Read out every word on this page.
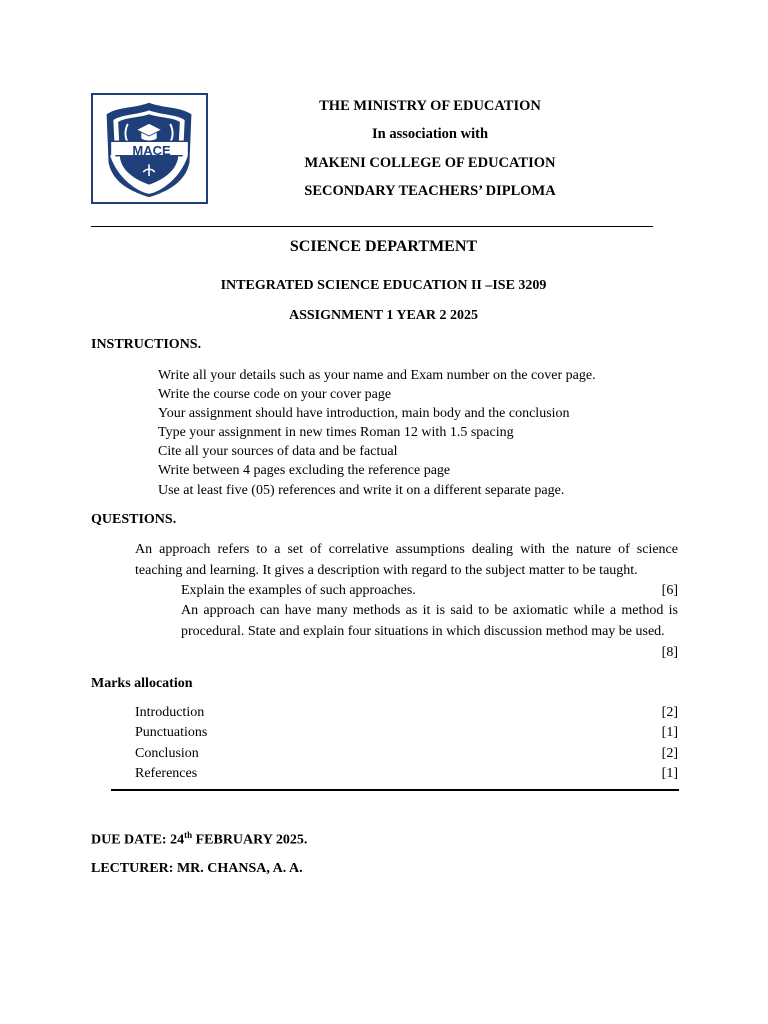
MACE
THE MINISTRY OF EDUCATION
In association with
MAKENI COLLEGE OF EDUCATION
SECONDARY TEACHERS’ DIPLOMA
SCIENCE DEPARTMENT
INTEGRATED SCIENCE EDUCATION II –ISE 3209
ASSIGNMENT 1 YEAR 2 2025
INSTRUCTIONS.
Write all your details such as your name and Exam number on the cover page.
Write the course code on your cover page
Your assignment should have introduction, main body and the conclusion
Type your assignment in new times Roman 12 with 1.5 spacing
Cite all your sources of data and be factual
Write between 4 pages excluding the reference page
Use at least five (05) references and write it on a different separate page.
QUESTIONS.
An approach refers to a set of correlative assumptions dealing with the nature of science teaching and learning. It gives a description with regard to the subject matter to be taught.
[6]
Explain the examples of such approaches.
An approach can have many methods as it is said to be axiomatic while a method is procedural. State and explain four situations in which discussion method may be used.
[8]
Marks allocation
Introduction	[2]
Punctuations	[1]
Conclusion	[2]
References	[1]
DUE DATE: 24th FEBRUARY 2025.
LECTURER: MR. CHANSA, A. A.
